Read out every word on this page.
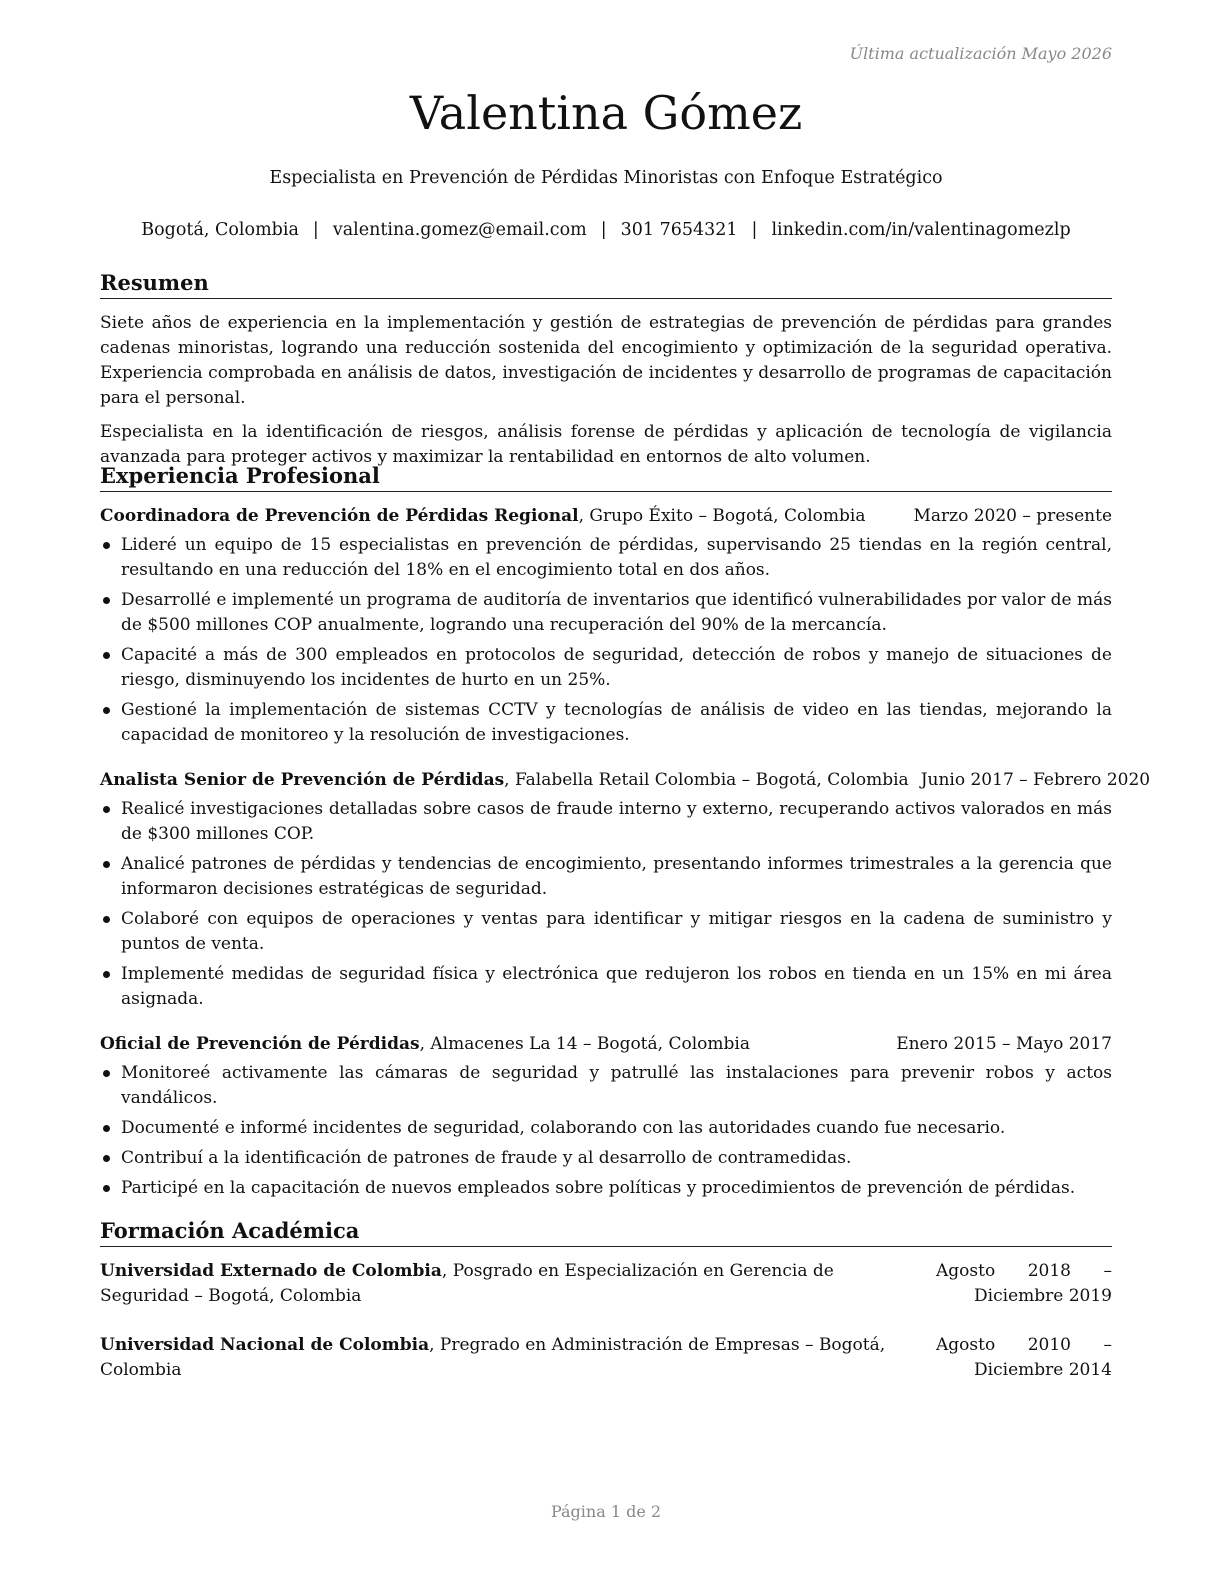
Última actualización Mayo 2026
Valentina Gómez
Especialista en Prevención de Pérdidas Minoristas con Enfoque Estratégico
Bogotá, Colombia | valentina.gomez@email.com | 301 7654321 | linkedin.com/in/valentinagomezlp
Resumen

Siete años de experiencia en la implementación y gestión de estrategias de prevención de pérdidas para grandes cadenas minoristas, logrando una reducción sostenida del encogimiento y optimización de la seguridad operativa. Experiencia comprobada en análisis de datos, investigación de incidentes y desarrollo de programas de capacitación para el personal.

Especialista en la identificación de riesgos, análisis forense de pérdidas y aplicación de tecnología de vigilancia avanzada para proteger activos y maximizar la rentabilidad en entornos de alto volumen.

Experiencia Profesional
Coordinadora de Prevención de Pérdidas Regional, Grupo Éxito – Bogotá, Colombia	Marzo 2020 – presente
Lideré un equipo de 15 especialistas en prevención de pérdidas, supervisando 25 tiendas en la región central, resultando en una reducción del 18% en el encogimiento total en dos años.
Desarrollé e implementé un programa de auditoría de inventarios que identificó vulnerabilidades por valor de más de $500 millones COP anualmente, logrando una recuperación del 90% de la mercancía.
Capacité a más de 300 empleados en protocolos de seguridad, detección de robos y manejo de situaciones de riesgo, disminuyendo los incidentes de hurto en un 25%.
Gestioné la implementación de sistemas CCTV y tecnologías de análisis de video en las tiendas, mejorando la capacidad de monitoreo y la resolución de investigaciones.
Analista Senior de Prevención de Pérdidas, Falabella Retail Colombia – Bogotá, Colombia Junio 2017 – Febrero 2020
Realicé investigaciones detalladas sobre casos de fraude interno y externo, recuperando activos valorados en más de $300 millones COP.
Analicé patrones de pérdidas y tendencias de encogimiento, presentando informes trimestrales a la gerencia que informaron decisiones estratégicas de seguridad.
Colaboré con equipos de operaciones y ventas para identificar y mitigar riesgos en la cadena de suministro y puntos de venta.
Implementé medidas de seguridad física y electrónica que redujeron los robos en tienda en un 15% en mi área asignada.
Oficial de Prevención de Pérdidas, Almacenes La 14 – Bogotá, Colombia	Enero 2015 – Mayo 2017
Monitoreé activamente las cámaras de seguridad y patrullé las instalaciones para prevenir robos y actos vandálicos.
Documenté e informé incidentes de seguridad, colaborando con las autoridades cuando fue necesario.
Contribuí a la identificación de patrones de fraude y al desarrollo de contramedidas.
Participé en la capacitación de nuevos empleados sobre políticas y procedimientos de prevención de pérdidas.
Formación Académica
Universidad Externado de Colombia, Posgrado en Especialización en Gerencia de Seguridad – Bogotá, Colombia
Agosto 2018 – Diciembre 2019
Universidad Nacional de Colombia, Pregrado en Administración de Empresas – Bogotá, Colombia
Agosto 2010 – Diciembre 2014
Página 1 de 2
